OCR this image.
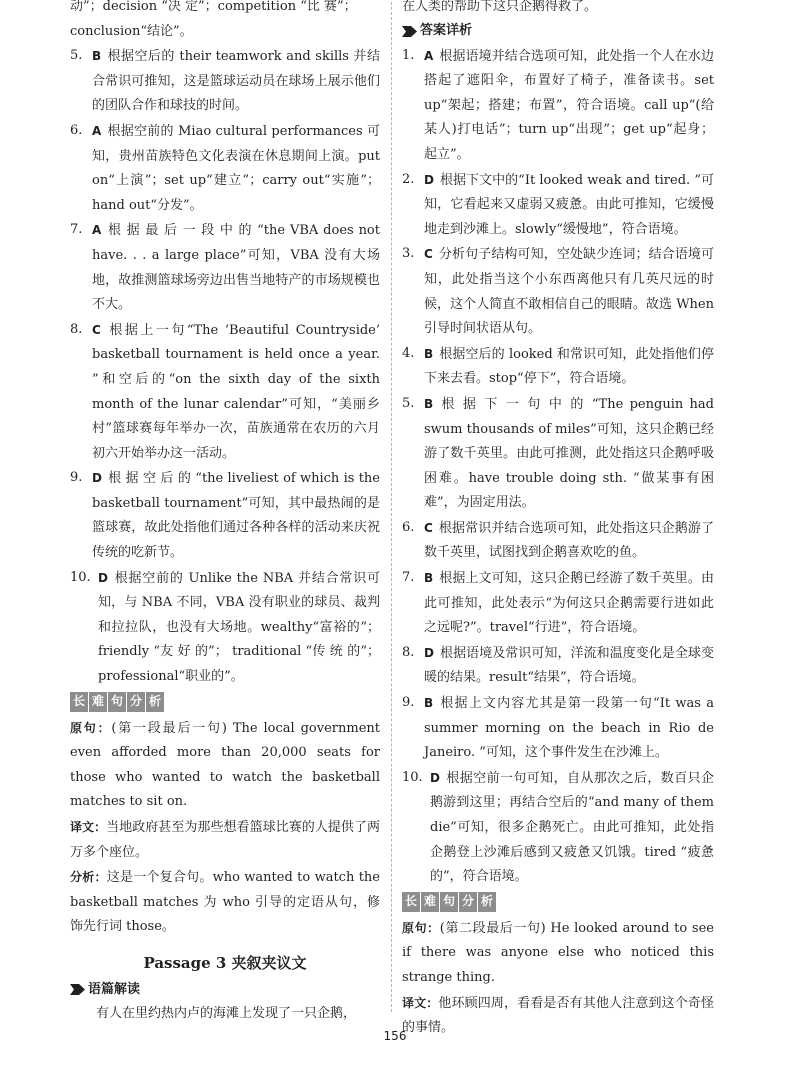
动”；decision “决 定”；competition “比 赛”；
conclusion“结论”。
5. B 根据空后的 their teamwork and skills 并结合常识可推知，这是篮球运动员在球场上展示他们的团队合作和球技的时间。
6. A 根据空前的 Miao cultural performances 可知，贵州苗族特色文化表演在休息期间上演。put on“上演”；set up“建立”；carry out“实施”；hand out“分发”。
7. A 根 据 最 后 一 段 中 的 “the VBA does not have. . . a large place”可知，VBA 没有大场地，故推测篮球场旁边出售当地特产的市场规模也不大。
8. C 根据上一句“The ‘Beautiful Countryside’ basketball tournament is held once a year. ”和空后的“on the sixth day of the sixth month of the lunar calendar”可知，“美丽乡村”篮球赛每年举办一次，苗族通常在农历的六月初六开始举办这一活动。
9. D 根 据 空 后 的 “the liveliest of which is the basketball tournament”可知，其中最热闹的是篮球赛，故此处指他们通过各种各样的活动来庆祝传统的吃新节。
10. D 根据空前的 Unlike the NBA 并结合常识可知，与 NBA 不同，VBA 没有职业的球员、裁判和拉拉队，也没有大场地。wealthy“富裕的”；friendly “友 好 的”； traditional “传 统 的”；professional“职业的”。
长 难 句 分 析
原句：(第一段最后一句) The local government even afforded more than 20,000 seats for those who wanted to watch the basketball matches to sit on.
译文：当地政府甚至为那些想看篮球比赛的人提供了两万多个座位。
分析：这是一个复合句。who wanted to watch the basketball matches 为 who 引导的定语从句，修饰先行词 those。
Passage 3 夹叙夹议文
语篇解读
有人在里约热内卢的海滩上发现了一只企鹅，
在人类的帮助下这只企鹅得救了。
答案详析
1. A 根据语境并结合选项可知，此处指一个人在水边搭起了遮阳伞，布置好了椅子，准备读书。set up“架起；搭建；布置”，符合语境。call up“(给某人)打电话”；turn up“出现”；get up“起身；起立”。
2. D 根据下文中的“It looked weak and tired. ”可知，它看起来又虚弱又疲惫。由此可推知，它缓慢地走到沙滩上。slowly“缓慢地”，符合语境。
3. C 分析句子结构可知，空处缺少连词；结合语境可知，此处指当这个小东西离他只有几英尺远的时候，这个人简直不敢相信自己的眼睛。故选 When 引导时间状语从句。
4. B 根据空后的 looked 和常识可知，此处指他们停下来去看。stop“停下”，符合语境。
5. B 根 据 下 一 句 中 的 “The penguin had swum thousands of miles”可知，这只企鹅已经游了数千英里。由此可推测，此处指这只企鹅呼吸困难。have trouble doing sth. “做某事有困难”，为固定用法。
6. C 根据常识并结合选项可知，此处指这只企鹅游了数千英里，试图找到企鹅喜欢吃的鱼。
7. B 根据上文可知，这只企鹅已经游了数千英里。由此可推知，此处表示“为何这只企鹅需要行进如此之远呢?”。travel“行进”，符合语境。
8. D 根据语境及常识可知，洋流和温度变化是全球变暖的结果。result“结果”，符合语境。
9. B 根据上文内容尤其是第一段第一句“It was a summer morning on the beach in Rio de Janeiro. ”可知，这个事件发生在沙滩上。
10. D 根据空前一句可知，自从那次之后，数百只企鹅游到这里；再结合空后的“and many of them die”可知，很多企鹅死亡。由此可推知，此处指企鹅登上沙滩后感到又疲惫又饥饿。tired “疲惫的”，符合语境。
长 难 句 分 析
原句：(第二段最后一句) He looked around to see if there was anyone else who noticed this strange thing.
译文：他环顾四周，看看是否有其他人注意到这个奇怪的事情。
156
